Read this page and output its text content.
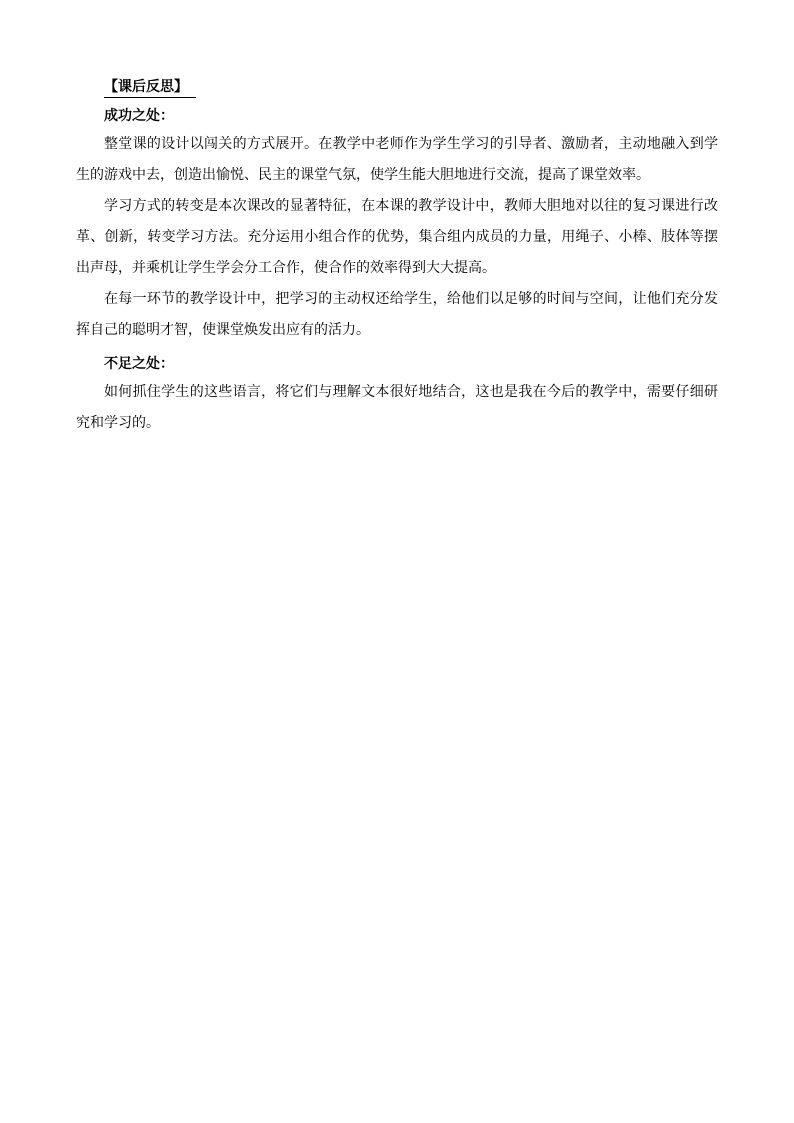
【课后反思】
成功之处：

整堂课的设计以闯关的方式展开。在教学中老师作为学生学习的引导者、激励者，主动地融入到学生的游戏中去，创造出愉悦、民主的课堂气氛，使学生能大胆地进行交流，提高了课堂效率。

学习方式的转变是本次课改的显著特征，在本课的教学设计中，教师大胆地对以往的复习课进行改革、创新，转变学习方法。充分运用小组合作的优势，集合组内成员的力量，用绳子、小棒、肢体等摆出声母，并乘机让学生学会分工合作，使合作的效率得到大大提高。

在每一环节的教学设计中，把学习的主动权还给学生，给他们以足够的时间与空间，让他们充分发挥自己的聪明才智，使课堂焕发出应有的活力。

不足之处：

如何抓住学生的这些语言，将它们与理解文本很好地结合，这也是我在今后的教学中，需要仔细研究和学习的。
